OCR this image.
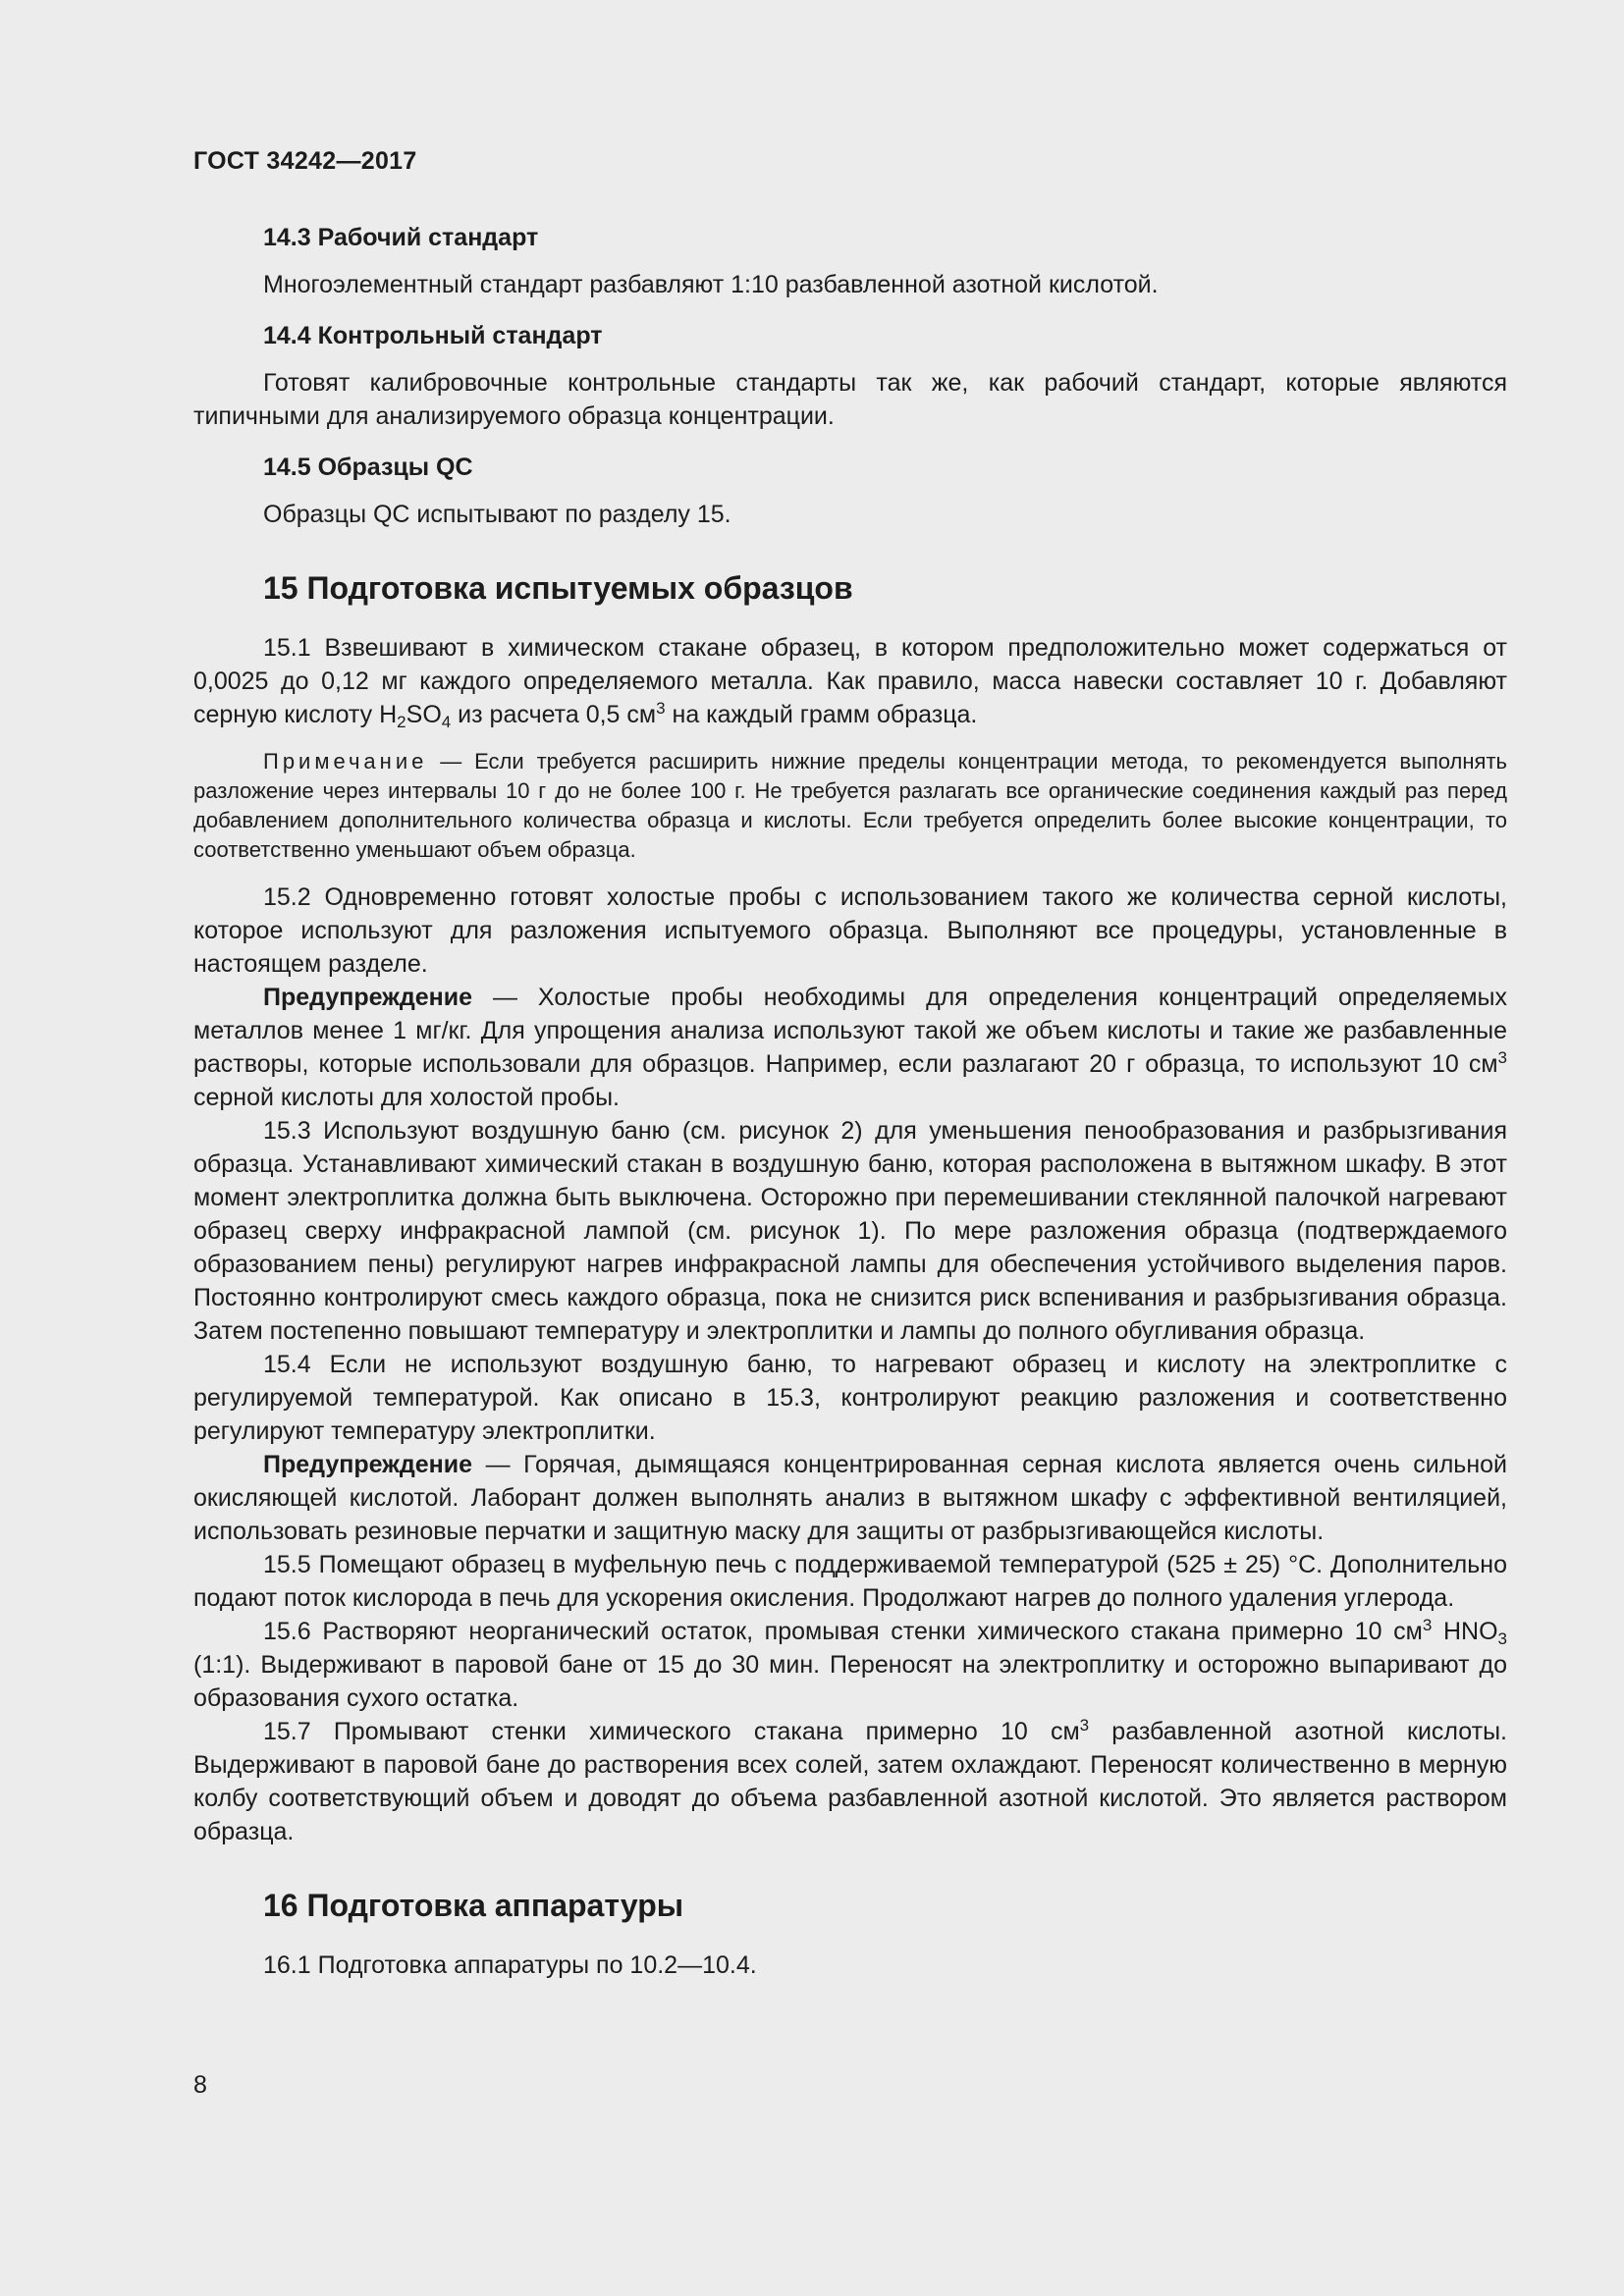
ГОСТ 34242—2017
14.3 Рабочий стандарт

Многоэлементный стандарт разбавляют 1:10 разбавленной азотной кислотой.

14.4 Контрольный стандарт

Готовят калибровочные контрольные стандарты так же, как рабочий стандарт, которые являются типичными для анализируемого образца концентрации.

14.5 Образцы QC

Образцы QC испытывают по разделу 15.

15 Подготовка испытуемых образцов

15.1 Взвешивают в химическом стакане образец, в котором предположительно может содержаться от 0,0025 до 0,12 мг каждого определяемого металла. Как правило, масса навески составляет 10 г. Добавляют серную кислоту $H_2SO_4$ из расчета 0,5 $см^3$ на каждый грамм образца.

Примечание — Если требуется расширить нижние пределы концентрации метода, то рекомендуется выполнять разложение через интервалы 10 г до не более 100 г. Не требуется разлагать все органические соединения каждый раз перед добавлением дополнительного количества образца и кислоты. Если требуется определить более высокие концентрации, то соответственно уменьшают объем образца.

15.2 Одновременно готовят холостые пробы с использованием такого же количества серной кислоты, которое используют для разложения испытуемого образца. Выполняют все процедуры, установленные в настоящем разделе.

Предупреждение — Холостые пробы необходимы для определения концентраций определяемых металлов менее 1 мг/кг. Для упрощения анализа используют такой же объем кислоты и такие же разбавленные растворы, которые использовали для образцов. Например, если разлагают 20 г образца, то используют 10 $см^3$ серной кислоты для холостой пробы.

15.3 Используют воздушную баню (см. рисунок 2) для уменьшения пенообразования и разбрызгивания образца. Устанавливают химический стакан в воздушную баню, которая расположена в вытяжном шкафу. В этот момент электроплитка должна быть выключена. Осторожно при перемешивании стеклянной палочкой нагревают образец сверху инфракрасной лампой (см. рисунок 1). По мере разложения образца (подтверждаемого образованием пены) регулируют нагрев инфракрасной лампы для обеспечения устойчивого выделения паров. Постоянно контролируют смесь каждого образца, пока не снизится риск вспенивания и разбрызгивания образца. Затем постепенно повышают температуру и электроплитки и лампы до полного обугливания образца.

15.4 Если не используют воздушную баню, то нагревают образец и кислоту на электроплитке с регулируемой температурой. Как описано в 15.3, контролируют реакцию разложения и соответственно регулируют температуру электроплитки.

Предупреждение — Горячая, дымящаяся концентрированная серная кислота является очень сильной окисляющей кислотой. Лаборант должен выполнять анализ в вытяжном шкафу с эффективной вентиляцией, использовать резиновые перчатки и защитную маску для защиты от разбрызгивающейся кислоты.

15.5 Помещают образец в муфельную печь с поддерживаемой температурой (525 ± 25) °С. Дополнительно подают поток кислорода в печь для ускорения окисления. Продолжают нагрев до полного удаления углерода.

15.6 Растворяют неорганический остаток, промывая стенки химического стакана примерно 10 $см^3$ $HNO_3$ (1:1). Выдерживают в паровой бане от 15 до 30 мин. Переносят на электроплитку и осторожно выпаривают до образования сухого остатка.

15.7 Промывают стенки химического стакана примерно 10 $см^3$ разбавленной азотной кислоты. Выдерживают в паровой бане до растворения всех солей, затем охлаждают. Переносят количественно в мерную колбу соответствующий объем и доводят до объема разбавленной азотной кислотой. Это является раствором образца.

16 Подготовка аппаратуры

16.1 Подготовка аппаратуры по 10.2—10.4.

8
